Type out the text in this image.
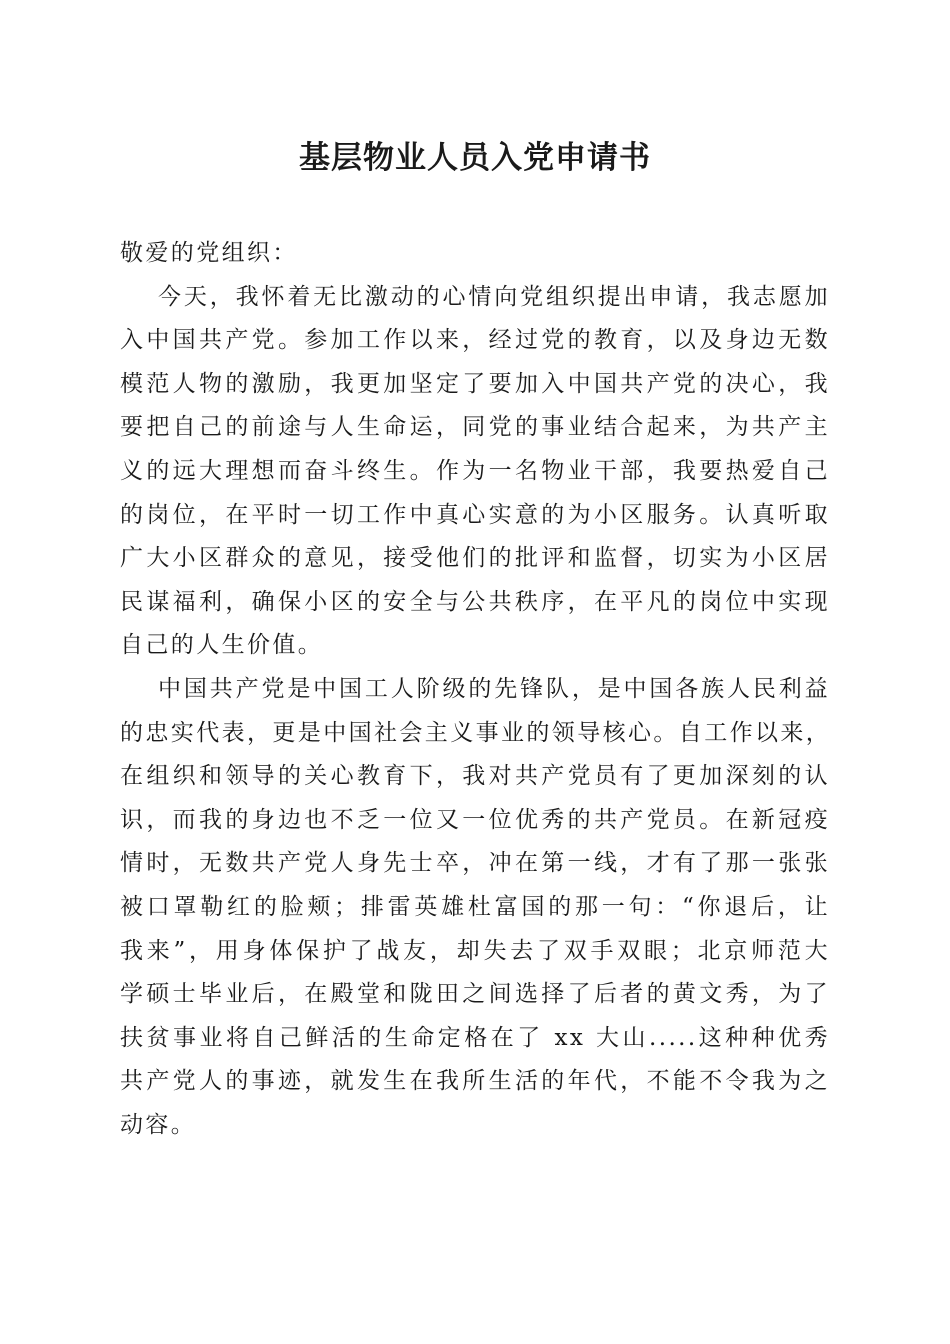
基层物业人员入党申请书
敬爱的党组织：
今天，我怀着无比激动的心情向党组织提出申请，我志愿加
入中国共产党。参加工作以来，经过党的教育，以及身边无数
模范人物的激励，我更加坚定了要加入中国共产党的决心，我
要把自己的前途与人生命运，同党的事业结合起来，为共产主
义的远大理想而奋斗终生。作为一名物业干部，我要热爱自己
的岗位，在平时一切工作中真心实意的为小区服务。认真听取
广大小区群众的意见，接受他们的批评和监督，切实为小区居
民谋福利，确保小区的安全与公共秩序，在平凡的岗位中实现
自己的人生价值。
中国共产党是中国工人阶级的先锋队，是中国各族人民利益
的忠实代表，更是中国社会主义事业的领导核心。自工作以来，
在组织和领导的关心教育下，我对共产党员有了更加深刻的认
识，而我的身边也不乏一位又一位优秀的共产党员。在新冠疫
情时，无数共产党人身先士卒，冲在第一线，才有了那一张张
被口罩勒红的脸颊；排雷英雄杜富国的那一句：“你退后，让
我来”，用身体保护了战友，却失去了双手双眼；北京师范大
学硕士毕业后，在殿堂和陇田之间选择了后者的黄文秀，为了
扶贫事业将自己鲜活的生命定格在了 xx 大山.....这种种优秀
共产党人的事迹，就发生在我所生活的年代，不能不令我为之
动容。
